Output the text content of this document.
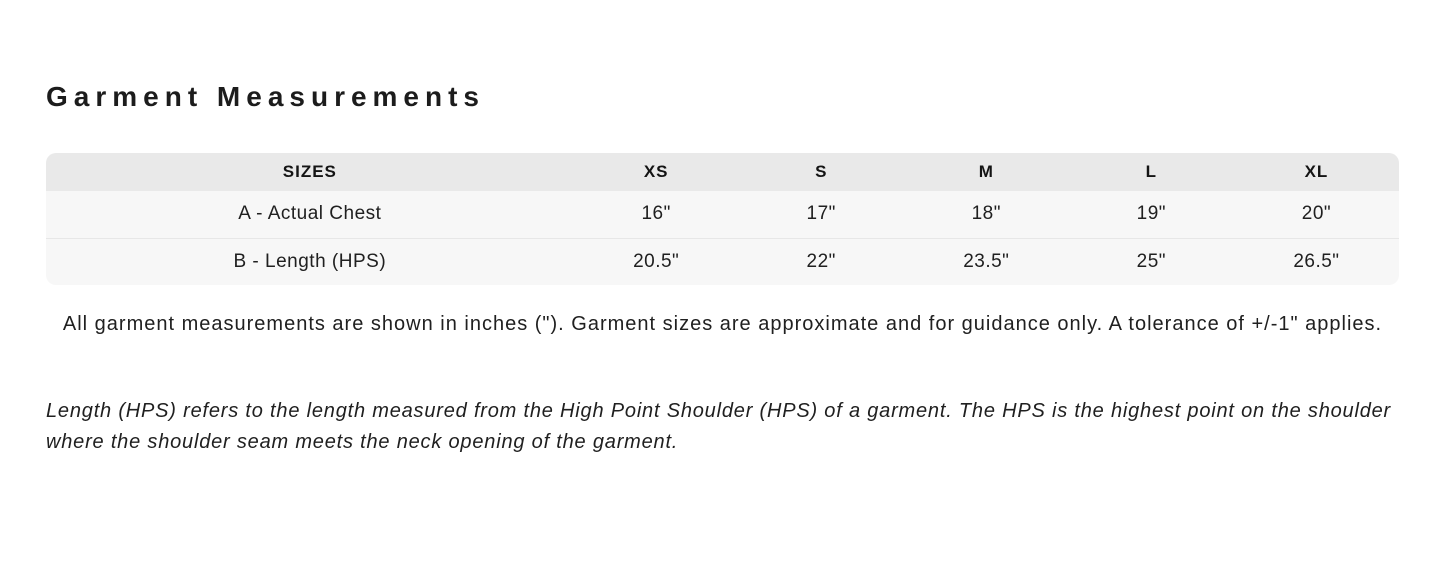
Garment Measurements
SIZES	XS	S	M	L	XL
A - Actual Chest	16"	17"	18"	19"	20"
B - Length (HPS)	20.5"	22"	23.5"	25"	26.5"

All garment measurements are shown in inches ("). Garment sizes are approximate and for guidance only. A tolerance of +/-1" applies.

Length (HPS) refers to the length measured from the High Point Shoulder (HPS) of a garment. The HPS is the highest point on the shoulder where the shoulder seam meets the neck opening of the garment.
